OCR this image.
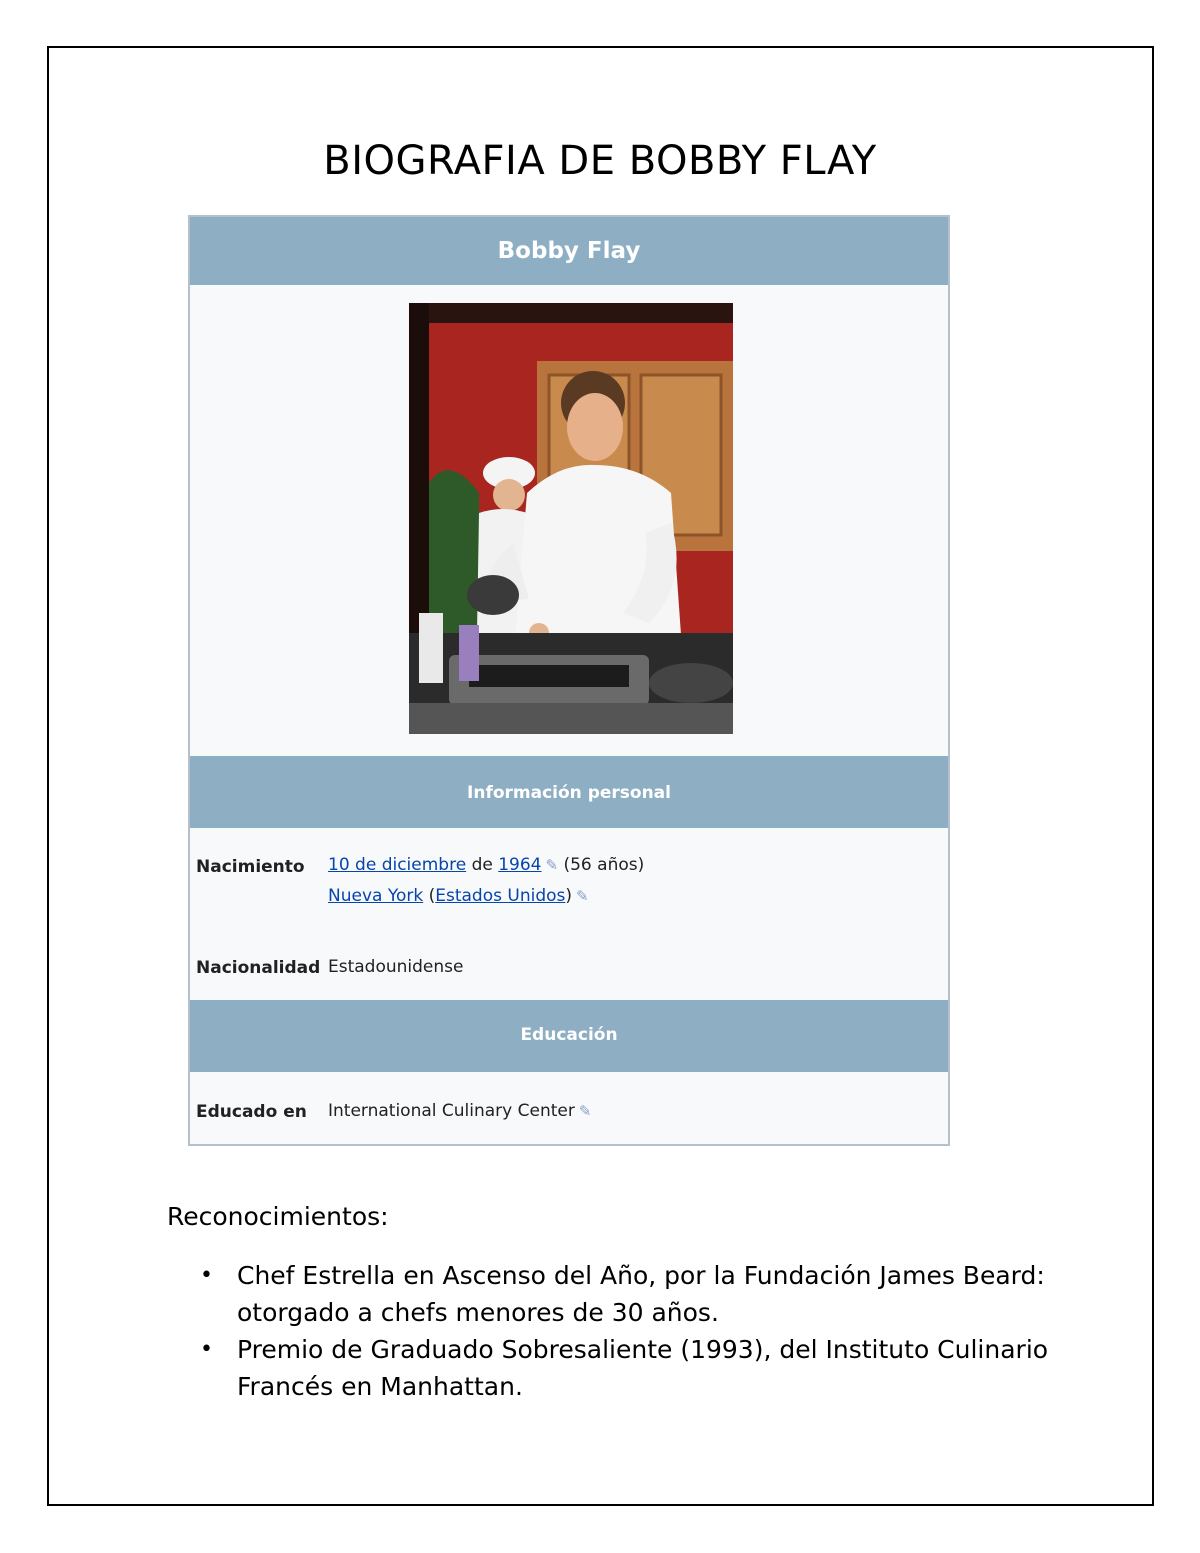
BIOGRAFIA DE BOBBY FLAY
Bobby Flay
Información personal
Nacimiento 10 de diciembre de 1964 ✎ (56 años)
Nueva York (Estados Unidos) ✎
Nacionalidad Estadounidense
Educación
Educado en International Culinary Center ✎
Reconocimientos:
• Chef Estrella en Ascenso del Año, por la Fundación James Beard: otorgado a chefs menores de 30 años.
• Premio de Graduado Sobresaliente (1993), del Instituto Culinario Francés en Manhattan.
